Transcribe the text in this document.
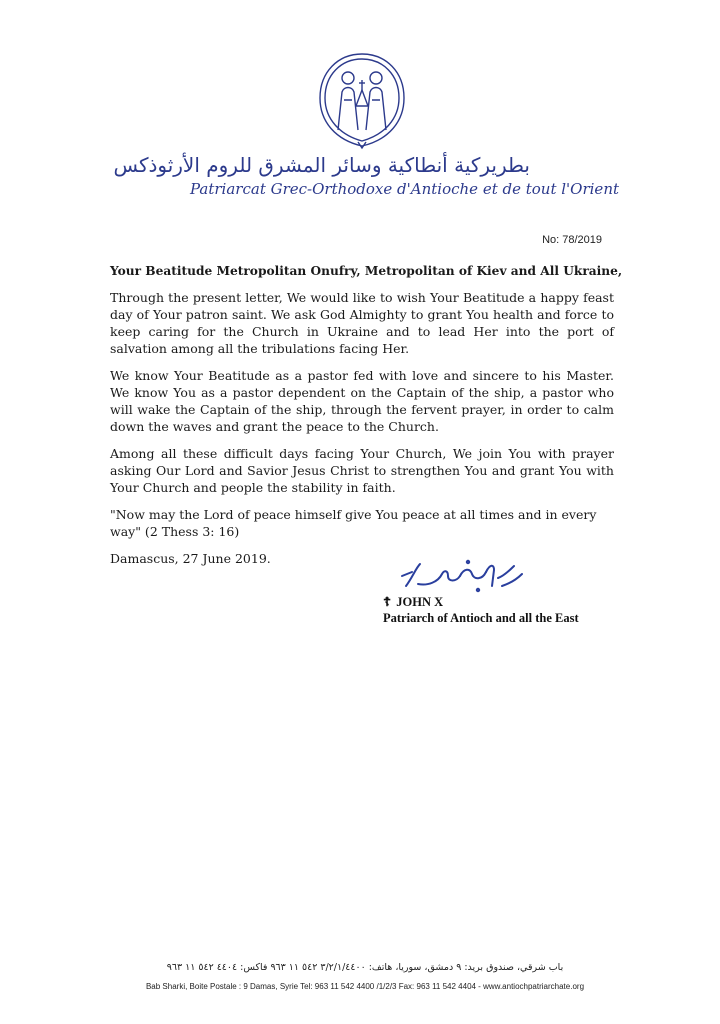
بطريركية أنطاكية وسائر المشرق للروم الأرثوذكس
Patriarcat Grec-Orthodoxe d'Antioche et de tout l'Orient
No: 78/2019

Your Beatitude Metropolitan Onufry, Metropolitan of Kiev and All Ukraine,

Through the present letter, We would like to wish Your Beatitude a happy feast day of Your patron saint. We ask God Almighty to grant You health and force to keep caring for the Church in Ukraine and to lead Her into the port of salvation among all the tribulations facing Her.

We know Your Beatitude as a pastor fed with love and sincere to his Master. We know You as a pastor dependent on the Captain of the ship, a pastor who will wake the Captain of the ship, through the fervent prayer, in order to calm down the waves and grant the peace to the Church.

Among all these difficult days facing Your Church, We join You with prayer asking Our Lord and Savior Jesus Christ to strengthen You and grant You with Your Church and people the stability in faith.

"Now may the Lord of peace himself give You peace at all times and in every way" (2 Thess 3: 16)

Damascus, 27 June 2019.

☦ JOHN X
Patriarch of Antioch and all the East
باب شرقي، صندوق بريد: ٩ دمشق، سوريا، هاتف: ٣/٢/١/٤٤٠٠ ٥٤٢ ١١ ٩٦٣ فاكس: ٤٤٠٤ ٥٤٢ ١١ ٩٦٣
Bab Sharki, Boite Postale : 9 Damas, Syrie Tel: 963 11 542 4400 /1/2/3 Fax: 963 11 542 4404 - www.antiochpatriarchate.org
